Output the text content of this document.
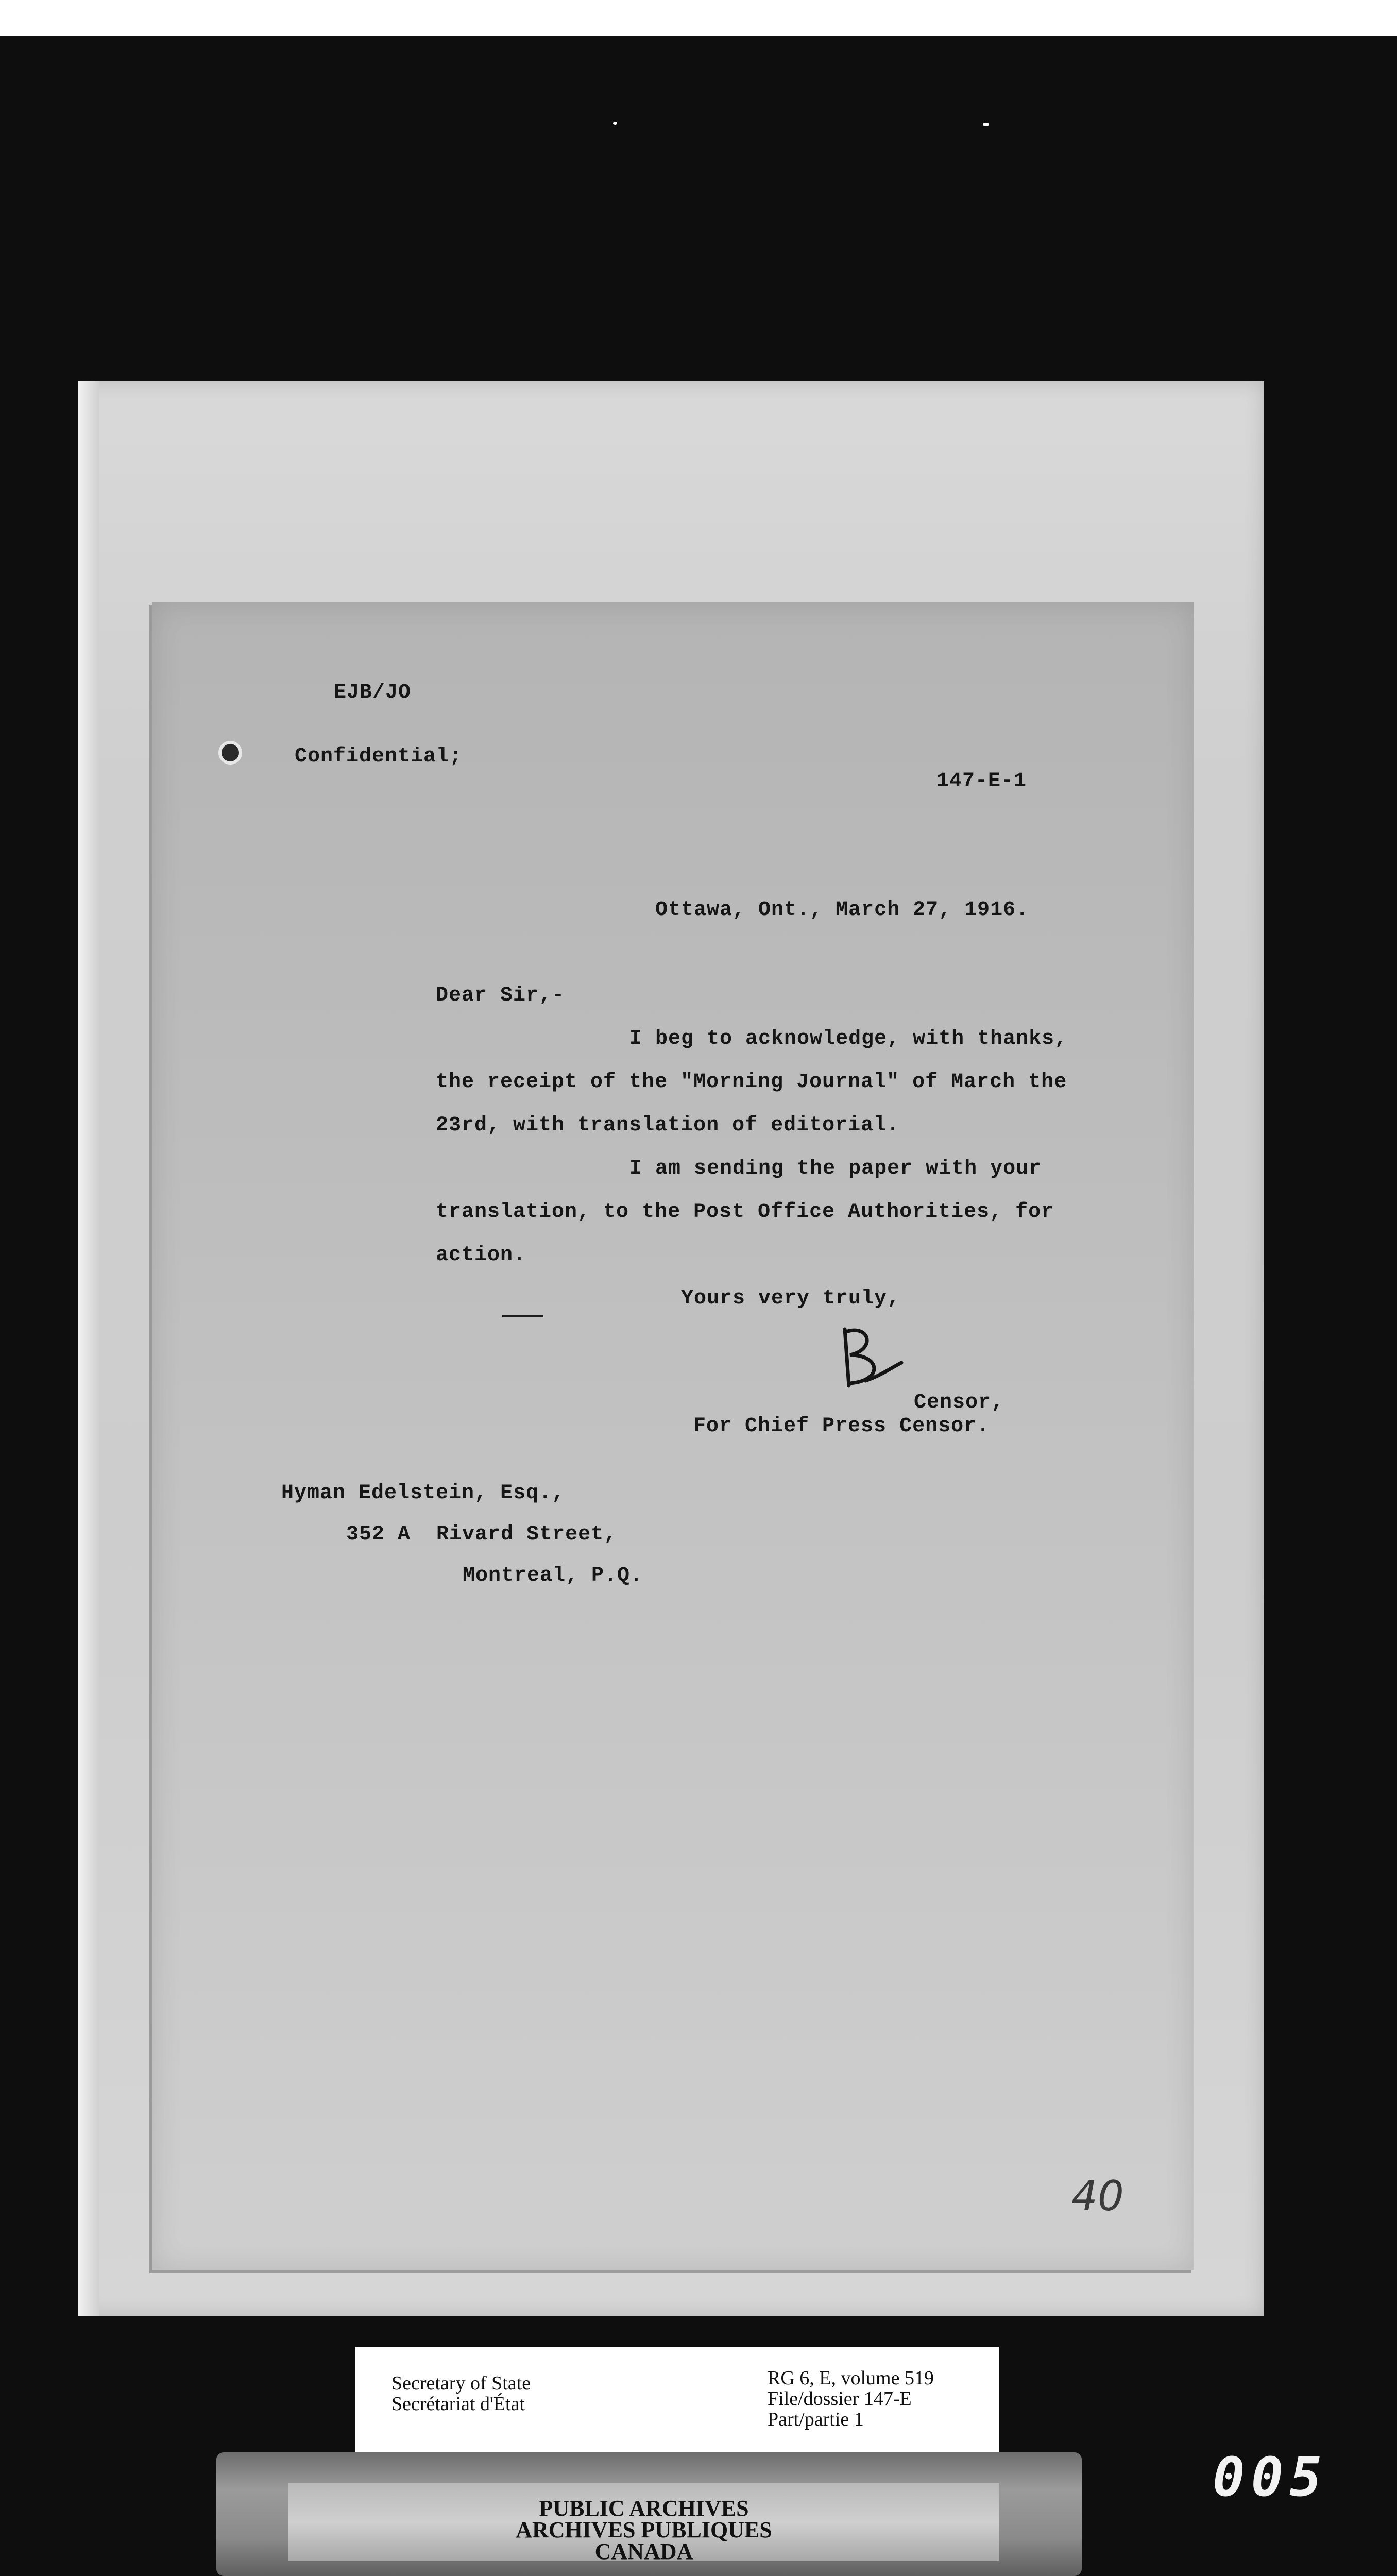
EJB/JO
Confidential;
147-E-1
Ottawa, Ont., March 27, 1916.
Dear Sir,-
I beg to acknowledge, with thanks,
the receipt of the "Morning Journal" of March the
23rd, with translation of editorial.
I am sending the paper with your
translation, to the Post Office Authorities, for
action.
Yours very truly,
Censor,
For Chief Press Censor.
Hyman Edelstein, Esq.,
352 A  Rivard Street,
Montreal, P.Q.
40
Secretary of State
Secrétariat d'État
RG 6, E, volume 519
File/dossier 147-E
Part/partie 1
PUBLIC ARCHIVES
ARCHIVES PUBLIQUES
CANADA
005
